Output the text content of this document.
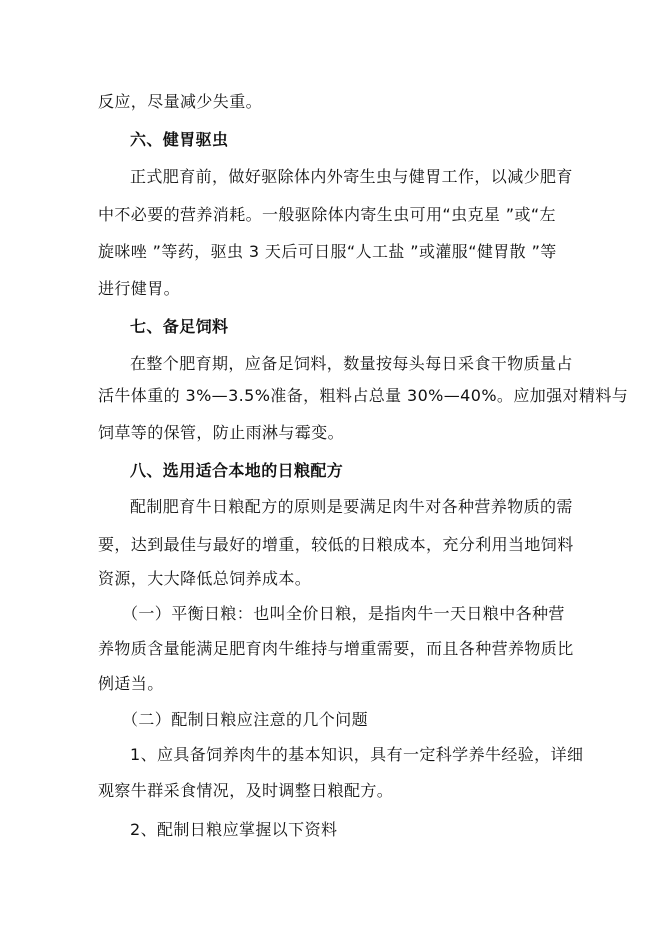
反应，尽量减少失重。
六、健胃驱虫
正式肥育前，做好驱除体内外寄生虫与健胃工作，以减少肥育
中不必要的营养消耗。一般驱除体内寄生虫可用“虫克星 ”或“左
旋咪唑 ”等药，驱虫 3 天后可日服“人工盐 ”或灌服“健胃散 ”等
进行健胃。
七、备足饲料
在整个肥育期，应备足饲料，数量按每头每日采食干物质量占
活牛体重的 3%—3.5%准备，粗料占总量 30%—40%。应加强对精料与
饲草等的保管，防止雨淋与霉变。
八、选用适合本地的日粮配方
配制肥育牛日粮配方的原则是要满足肉牛对各种营养物质的需
要，达到最佳与最好的增重，较低的日粮成本，充分利用当地饲料
资源，大大降低总饲养成本。
（一）平衡日粮：也叫全价日粮，是指肉牛一天日粮中各种营
养物质含量能满足肥育肉牛维持与增重需要，而且各种营养物质比
例适当。
（二）配制日粮应注意的几个问题
1、应具备饲养肉牛的基本知识，具有一定科学养牛经验，详细
观察牛群采食情况，及时调整日粮配方。
2、配制日粮应掌握以下资料
